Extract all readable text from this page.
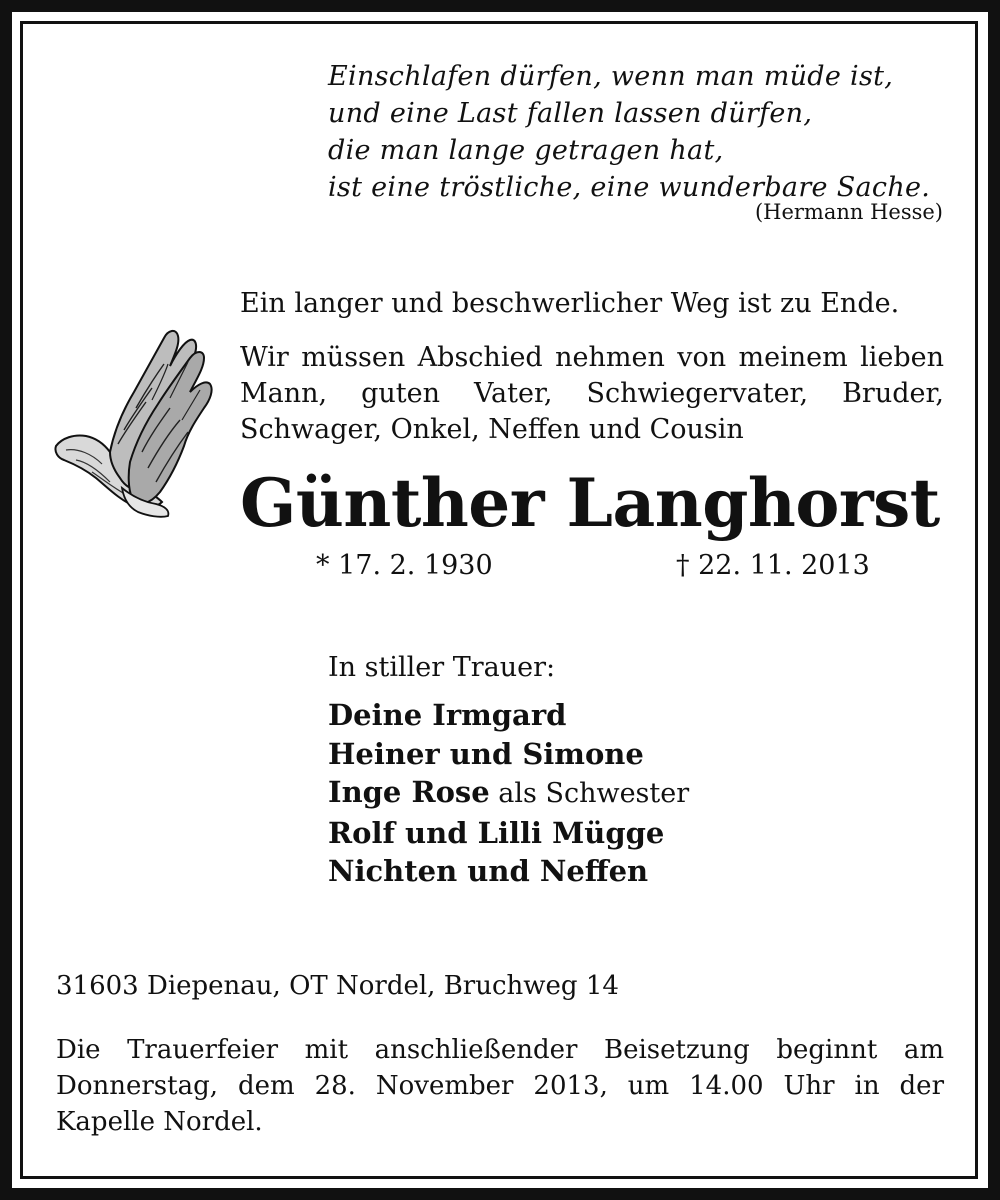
Einschlafen dürfen, wenn man müde ist,
und eine Last fallen lassen dürfen,
die man lange getragen hat,
ist eine tröstliche, eine wunderbare Sache.
(Hermann Hesse)
Ein langer und beschwerlicher Weg ist zu Ende.
Wir müssen Abschied nehmen von meinem lieben
Mann, guten Vater, Schwiegervater, Bruder,
Schwager, Onkel, Neffen und Cousin
Günther Langhorst
* 17. 2. 1930	† 22. 11. 2013
In stiller Trauer:
Deine Irmgard
Heiner und Simone
Inge Rose als Schwester
Rolf und Lilli Mügge
Nichten und Neffen
31603 Diepenau, OT Nordel, Bruchweg 14
Die Trauerfeier mit anschließender Beisetzung beginnt am
Donnerstag, dem 28. November 2013, um 14.00 Uhr in der
Kapelle Nordel.
